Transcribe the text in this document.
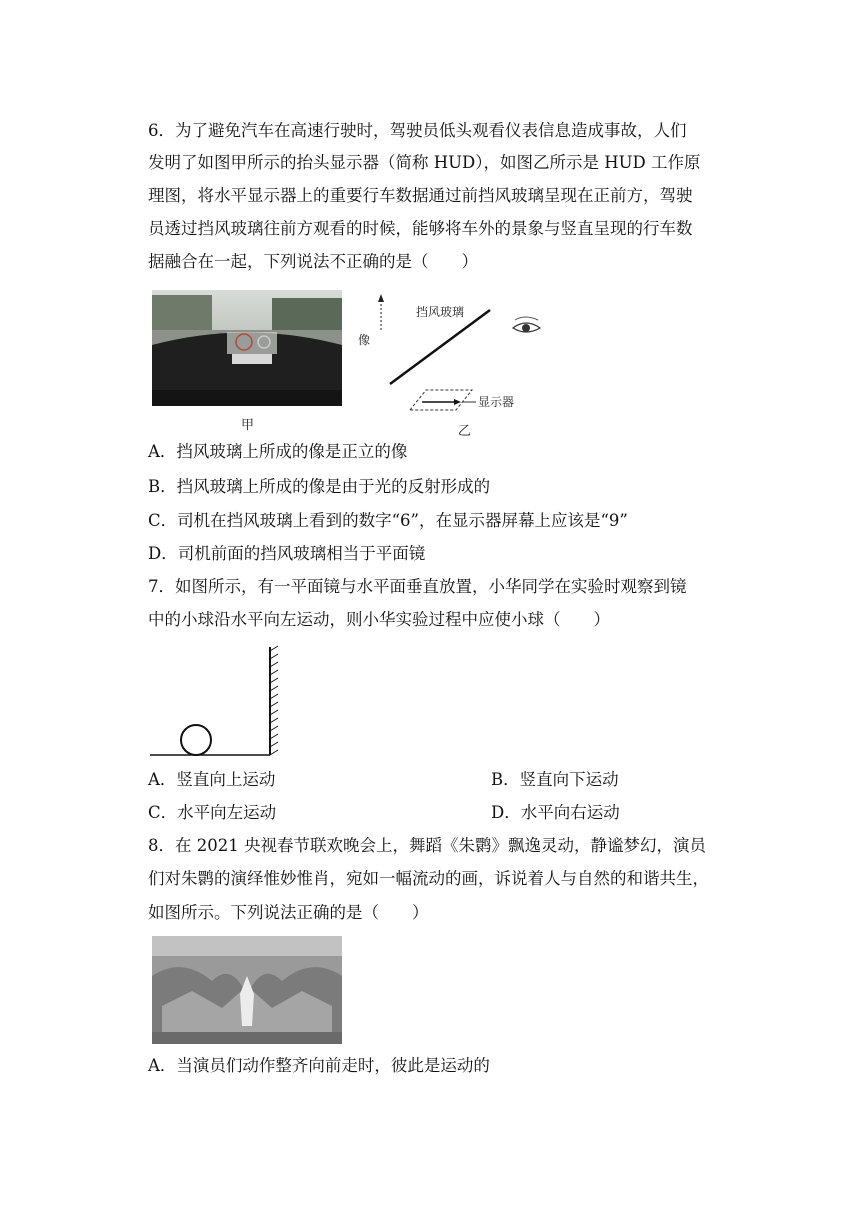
6．为了避免汽车在高速行驶时，驾驶员低头观看仪表信息造成事故，人们
发明了如图甲所示的抬头显示器（简称 HUD），如图乙所示是 HUD 工作原
理图，将水平显示器上的重要行车数据通过前挡风玻璃呈现在正前方，驾驶
员透过挡风玻璃往前方观看的时候，能够将车外的景象与竖直呈现的行车数
据融合在一起，下列说法不正确的是（　　）
甲
像
挡风玻璃
显示器
乙
A．挡风玻璃上所成的像是正立的像
B．挡风玻璃上所成的像是由于光的反射形成的
C．司机在挡风玻璃上看到的数字“6”，在显示器屏幕上应该是“9”
D．司机前面的挡风玻璃相当于平面镜
7．如图所示，有一平面镜与水平面垂直放置，小华同学在实验时观察到镜
中的小球沿水平向左运动，则小华实验过程中应使小球（　　）
A．竖直向上运动	B．竖直向下运动
C．水平向左运动	D．水平向右运动
8．在 2021 央视春节联欢晚会上，舞蹈《朱鹮》飘逸灵动，静谧梦幻，演员
们对朱鹮的演绎惟妙惟肖，宛如一幅流动的画，诉说着人与自然的和谐共生，
如图所示。下列说法正确的是（　　）
A．当演员们动作整齐向前走时，彼此是运动的
